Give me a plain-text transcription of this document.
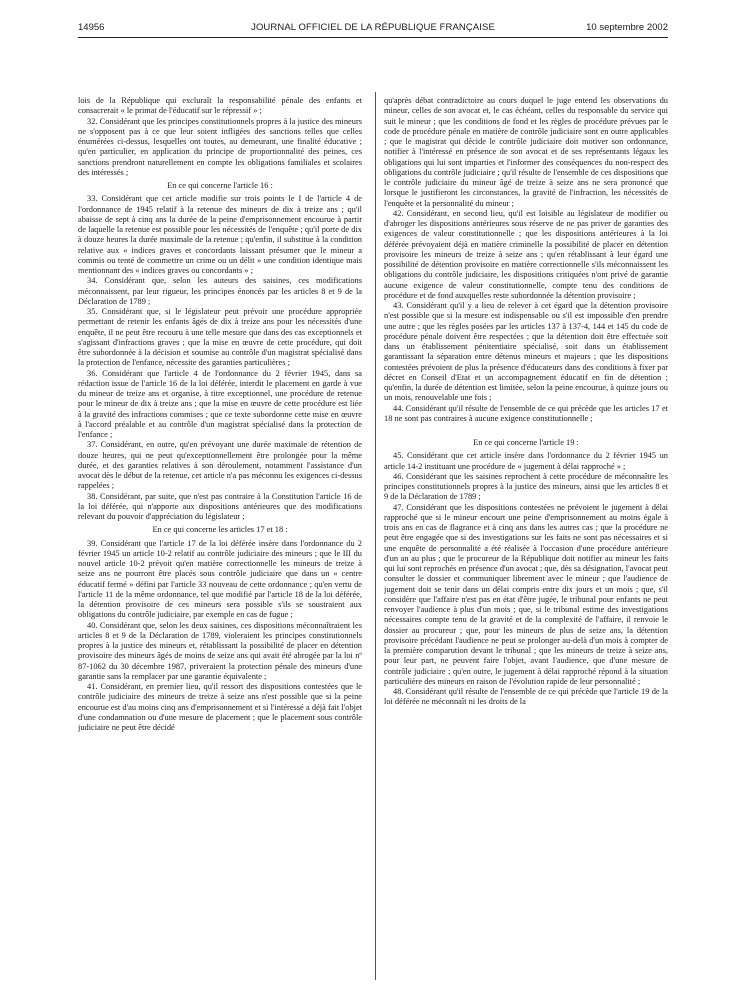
14956	JOURNAL OFFICIEL DE LA RÉPUBLIQUE FRANÇAISE	10 septembre 2002

lois de la République qui excluraît la responsabilité pénale des enfants et consacrerait « le primat de l'éducatif sur le répressif » ;

32. Considérant que les principes constitutionnels propres à la justice des mineurs ne s'opposent pas à ce que leur soient infligées des sanctions telles que celles énumérées ci-dessus, lesquelles ont toutes, au demeurant, une finalité éducative ; qu'en particulier, en application du principe de proportionnalité des peines, ces sanctions prendront naturellement en compte les obligations familiales et scolaires des intéressés ;

En ce qui concerne l'article 16 :

33. Considérant que cet article modifie sur trois points le I de l'article 4 de l'ordonnance de 1945 relatif à la retenue des mineurs de dix à treize ans ; qu'il abaisse de sept à cinq ans la durée de la peine d'emprisonnement encourue à partir de laquelle la retenue est possible pour les nécessités de l'enquête ; qu'il porte de dix à douze heures la durée maximale de la retenue ; qu'enfin, il substitue à la condition relative aux « indices graves et concordants laissant présumer que le mineur a commis ou tenté de commettre un crime ou un délit » une condition identique mais mentionnant des « indices graves ou concordants » ;

34. Considérant que, selon les auteurs des saisines, ces modifications méconnaissent, par leur rigueur, les principes énoncés par les articles 8 et 9 de la Déclaration de 1789 ;

35. Considérant que, si le législateur peut prévoir une procédure appropriée permettant de retenir les enfants âgés de dix à treize ans pour les nécessités d'une enquête, il ne peut être recouru à une telle mesure que dans des cas exceptionnels et s'agissant d'infractions graves ; que la mise en œuvre de cette procédure, qui doit être subordonnée à la décision et soumise au contrôle d'un magistrat spécialisé dans la protection de l'enfance, nécessite des garanties particulières ;

36. Considérant que l'article 4 de l'ordonnance du 2 février 1945, dans sa rédaction issue de l'article 16 de la loi déférée, interdit le placement en garde à vue du mineur de treize ans et organise, à titre exceptionnel, une procédure de retenue pour le mineur de dix à treize ans ; que la mise en œuvre de cette procédure est liée à la gravité des infractions commises ; que ce texte subordonne cette mise en œuvre à l'accord préalable et au contrôle d'un magistrat spécialisé dans la protection de l'enfance ;

37. Considérant, en outre, qu'en prévoyant une durée maximale de rétention de douze heures, qui ne peut qu'exceptionnellement être prolongée pour la même durée, et des garanties relatives à son déroulement, notamment l'assistance d'un avocat dès le début de la retenue, cet article n'a pas méconnu les exigences ci-dessus rappelées ;

38. Considérant, par suite, que n'est pas contraire à la Constitution l'article 16 de la loi déférée, qui n'apporte aux dispositions antérieures que des modifications relevant du pouvoir d'appréciation du législateur ;

En ce qui concerne les articles 17 et 18 :

39. Considérant que l'article 17 de la loi déférée insère dans l'ordonnance du 2 février 1945 un article 10-2 relatif au contrôle judiciaire des mineurs ; que le III du nouvel article 10-2 prévoit qu'en matière correctionnelle les mineurs de treize à seize ans ne pourront être placés sous contrôle judiciaire que dans un « centre éducatif fermé » défini par l'article 33 nouveau de cette ordonnance ; qu'en vertu de l'article 11 de la même ordonnance, tel que modifié par l'article 18 de la loi déférée, la détention provisoire de ces mineurs sera possible s'ils se soustraient aux obligations du contrôle judiciaire, par exemple en cas de fugue ;

40. Considérant que, selon les deux saisines, ces dispositions méconnaîtraient les articles 8 et 9 de la Déclaration de 1789, violeraient les principes constitutionnels propres à la justice des mineurs et, rétablissant la possibilité de placer en détention provisoire des mineurs âgés de moins de seize ans qui avait été abrogée par la loi nº 87-1062 du 30 décembre 1987, priveraient la protection pénale des mineurs d'une garantie sans la remplacer par une garantie équivalente ;

41. Considérant, en premier lieu, qu'il ressort des dispositions contestées que le contrôle judiciaire des mineurs de treize à seize ans n'est possible que si la peine encourue est d'au moins cinq ans d'emprisonnement et si l'intéressé a déjà fait l'objet d'une condamnation ou d'une mesure de placement ; que le placement sous contrôle judiciaire ne peut être décidé

qu'après débat contradictoire au cours duquel le juge entend les observations du mineur, celles de son avocat et, le cas échéant, celles du responsable du service qui suit le mineur ; que les conditions de fond et les règles de procédure prévues par le code de procédure pénale en matière de contrôle judiciaire sont en outre applicables ; que le magistrat qui décide le contrôle judiciaire doit motiver son ordonnance, notifier à l'intéressé en présence de son avocat et de ses représentants légaux les obligations qui lui sont imparties et l'informer des conséquences du non-respect des obligations du contrôle judiciaire ; qu'il résulte de l'ensemble de ces dispositions que le contrôle judiciaire du mineur âgé de treize à seize ans ne sera prononcé que lorsque le justifieront les circonstances, la gravité de l'infraction, les nécessités de l'enquête et la personnalité du mineur ;

42. Considérant, en second lieu, qu'il est loisible au législateur de modifier ou d'abroger les dispositions antérieures sous réserve de ne pas priver de garanties des exigences de valeur constitutionnelle ; que les dispositions antérieures à la loi déférée prévoyaient déjà en matière criminelle la possibilité de placer en détention provisoire les mineurs de treize à seize ans ; qu'en rétablissant à leur égard une possibilité de détention provisoire en matière correctionnelle s'ils méconnaissent les obligations du contrôle judiciaire, les dispositions critiquées n'ont privé de garantie aucune exigence de valeur constitutionnelle, compte tenu des conditions de procédure et de fond auxquelles reste subordonnée la détention provisoire ;

43. Considérant qu'il y a lieu de relever à cet égard que la détention provisoire n'est possible que si la mesure est indispensable ou s'il est impossible d'en prendre une autre ; que les règles posées par les articles 137 à 137-4, 144 et 145 du code de procédure pénale doivent être respectées ; que la détention doit être effectuée soit dans un établissement pénitentiaire spécialisé, soit dans un établissement garantissant la séparation entre détenus mineurs et majeurs ; que les dispositions contestées prévoient de plus la présence d'éducateurs dans des conditions à fixer par décret en Conseil d'Etat et un accompagnement éducatif en fin de détention ; qu'enfin, la durée de détention est limitée, selon la peine encourue, à quinze jours ou un mois, renouvelable une fois ;

44. Considérant qu'il résulte de l'ensemble de ce qui précède que les articles 17 et 18 ne sont pas contraires à aucune exigence constitutionnelle ;

En ce qui concerne l'article 19 :

45. Considérant que cet article insère dans l'ordonnance du 2 février 1945 un article 14-2 instituant une procédure de « jugement à délai rapproché » ;

46. Considérant que les saisines reprochent à cette procédure de méconnaître les principes constitutionnels propres à la justice des mineurs, ainsi que les articles 8 et 9 de la Déclaration de 1789 ;

47. Considérant que les dispositions contestées ne prévoient le jugement à délai rapproché que si le mineur encourt une peine d'emprisonnement au moins égale à trois ans en cas de flagrance et à cinq ans dans les autres cas ; que la procédure ne peut être engagée que si des investigations sur les faits ne sont pas nécessaires et si une enquête de personnalité a été réalisée à l'occasion d'une procédure antérieure d'un an au plus ; que le procureur de la République doit notifier au mineur les faits qui lui sont reprochés en présence d'un avocat ; que, dès sa désignation, l'avocat peut consulter le dossier et communiquer librement avec le mineur ; que l'audience de jugement doit se tenir dans un délai compris entre dix jours et un mois ; que, s'il considère que l'affaire n'est pas en état d'être jugée, le tribunal pour enfants ne peut renvoyer l'audience à plus d'un mois ; que, si le tribunal estime des investigations nécessaires compte tenu de la gravité et de la complexité de l'affaire, il renvoie le dossier au procureur ; que, pour les mineurs de plus de seize ans, la détention provisoire précédant l'audience ne peut se prolonger au-delà d'un mois à compter de la première comparution devant le tribunal ; que les mineurs de treize à seize ans, pour leur part, ne peuvent faire l'objet, avant l'audience, que d'une mesure de contrôle judiciaire ; qu'en outre, le jugement à délai rapproché répond à la situation particulière des mineurs en raison de l'évolution rapide de leur personnalité ;

48. Considérant qu'il résulte de l'ensemble de ce qui précède que l'article 19 de la loi déférée ne méconnaît ni les droits de la
